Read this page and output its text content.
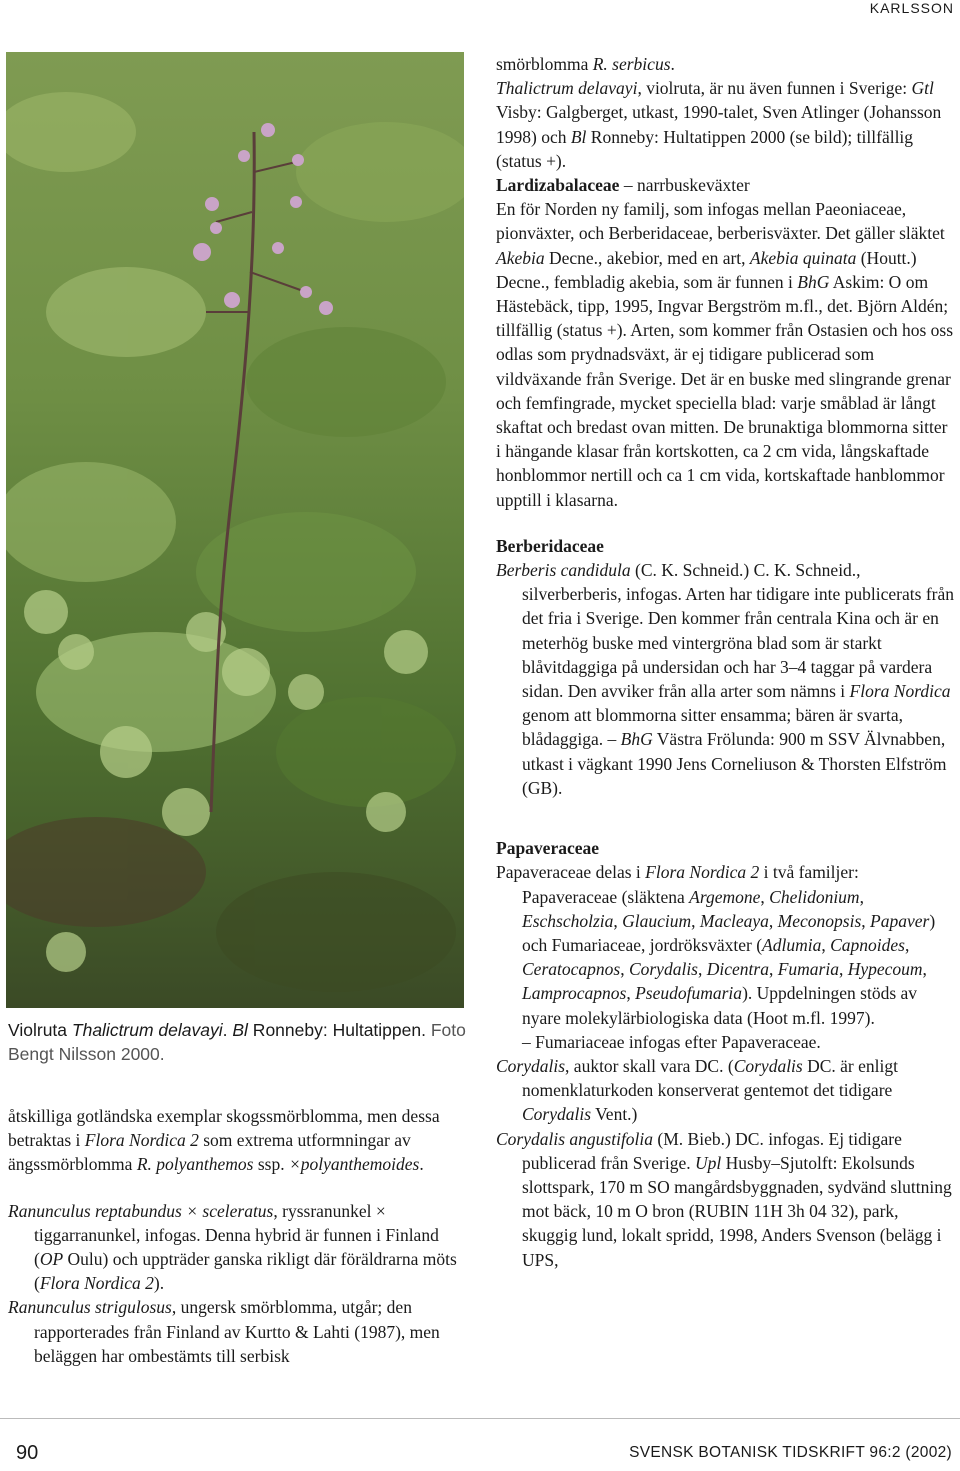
KARLSSON
Violruta Thalictrum delavayi. Bl Ronneby: Hultatippen. Foto Bengt Nilsson 2000.

åtskilliga gotländska exemplar skogssmörblomma, men dessa betraktas i Flora Nordica 2 som extrema utformningar av ängssmörblomma R. polyanthemos ssp. ×polyanthemoides.

Ranunculus reptabundus × sceleratus, ryssranunkel × tiggarranunkel, infogas. Denna hybrid är funnen i Finland (OP Oulu) och uppträder ganska rikligt där föräldrarna möts (Flora Nordica 2).

Ranunculus strigulosus, ungersk smörblomma, utgår; den rapporterades från Finland av Kurtto & Lahti (1987), men beläggen har ombestämts till serbisk

smörblomma R. serbicus.

Thalictrum delavayi, violruta, är nu även funnen i Sverige: Gtl Visby: Galgberget, utkast, 1990-talet, Sven Atlinger (Johansson 1998) och Bl Ronneby: Hultatippen 2000 (se bild); tillfällig (status +).

Lardizabalaceae – narrbuskeväxter

En för Norden ny familj, som infogas mellan Paeoniaceae, pionväxter, och Berberidaceae, berberisväxter. Det gäller släktet Akebia Decne., akebior, med en art, Akebia quinata (Houtt.) Decne., fembladig akebia, som är funnen i BhG Askim: O om Hästebäck, tipp, 1995, Ingvar Bergström m.fl., det. Björn Aldén; tillfällig (status +). Arten, som kommer från Ostasien och hos oss odlas som prydnadsväxt, är ej tidigare publicerad som vildväxande från Sverige. Det är en buske med slingrande grenar och femfingrade, mycket speciella blad: varje småblad är långt skaftat och bredast ovan mitten. De brunaktiga blommorna sitter i hängande klasar från kortskotten, ca 2 cm vida, långskaftade honblommor nertill och ca 1 cm vida, kortskaftade hanblommor upptill i klasarna.

Berberidaceae

Berberis candidula (C. K. Schneid.) C. K. Schneid., silverberberis, infogas. Arten har tidigare inte publicerats från det fria i Sverige. Den kommer från centrala Kina och är en meterhög buske med vintergröna blad som är starkt blåvitdaggiga på undersidan och har 3–4 taggar på vardera sidan. Den avviker från alla arter som nämns i Flora Nordica genom att blommorna sitter ensamma; bären är svarta, blådaggiga. – BhG Västra Frölunda: 900 m SSV Älvnabben, utkast i vägkant 1990 Jens Corneliuson & Thorsten Elfström (GB).

Papaveraceae

Papaveraceae delas i Flora Nordica 2 i två familjer: Papaveraceae (släktena Argemone, Chelidonium, Eschscholzia, Glaucium, Macleaya, Meconopsis, Papaver) och Fumariaceae, jordröksväxter (Adlumia, Capnoides, Ceratocapnos, Corydalis, Dicentra, Fumaria, Hypecoum, Lamprocapnos, Pseudofumaria). Uppdelningen stöds av nyare molekylärbiologiska data (Hoot m.fl. 1997).

– Fumariaceae infogas efter Papaveraceae.

Corydalis, auktor skall vara DC. (Corydalis DC. är enligt nomenklaturkoden konserverat gentemot det tidigare Corydalis Vent.)

Corydalis angustifolia (M. Bieb.) DC. infogas. Ej tidigare publicerad från Sverige. Upl Husby–Sjutolft: Ekolsunds slottspark, 170 m SO mangårdsbyggnaden, sydvänd sluttning mot bäck, 10 m O bron (RUBIN 11H 3h 04 32), park, skuggig lund, lokalt spridd, 1998, Anders Svenson (belägg i UPS,

90	SVENSK BOTANISK TIDSKRIFT 96:2 (2002)
